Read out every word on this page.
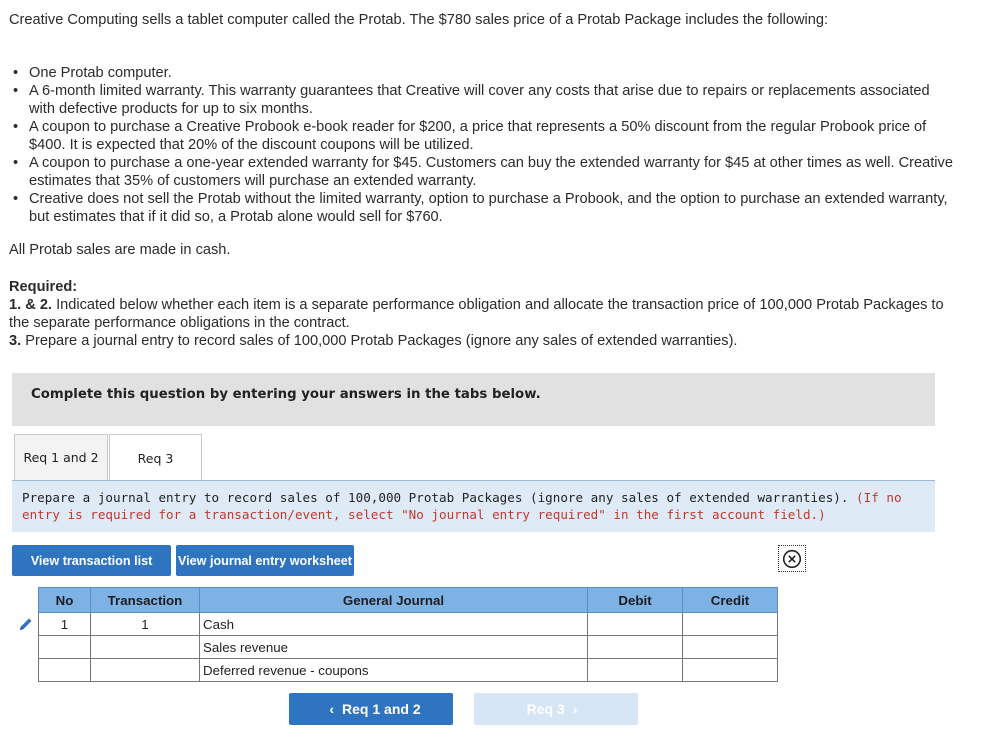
Creative Computing sells a tablet computer called the Protab. The $780 sales price of a Protab Package includes the following:
• One Protab computer.
• A 6-month limited warranty. This warranty guarantees that Creative will cover any costs that arise due to repairs or replacements associated with defective products for up to six months.
• A coupon to purchase a Creative Probook e-book reader for $200, a price that represents a 50% discount from the regular Probook price of $400. It is expected that 20% of the discount coupons will be utilized.
• A coupon to purchase a one-year extended warranty for $45. Customers can buy the extended warranty for $45 at other times as well. Creative estimates that 35% of customers will purchase an extended warranty.
• Creative does not sell the Protab without the limited warranty, option to purchase a Probook, and the option to purchase an extended warranty, but estimates that if it did so, a Protab alone would sell for $760.
All Protab sales are made in cash.
Required:
1. & 2. Indicated below whether each item is a separate performance obligation and allocate the transaction price of 100,000 Protab Packages to the separate performance obligations in the contract.
3. Prepare a journal entry to record sales of 100,000 Protab Packages (ignore any sales of extended warranties).
Complete this question by entering your answers in the tabs below.
Req 1 and 2	Req 3
Prepare a journal entry to record sales of 100,000 Protab Packages (ignore any sales of extended warranties). (If no entry is required for a transaction/event, select "No journal entry required" in the first account field.)
View transaction list	View journal entry worksheet
No	Transaction	General Journal	Debit	Credit
1	1	Cash		
		Sales revenue		
		Deferred revenue - coupons		
‹ Req 1 and 2	Req 3 ›
